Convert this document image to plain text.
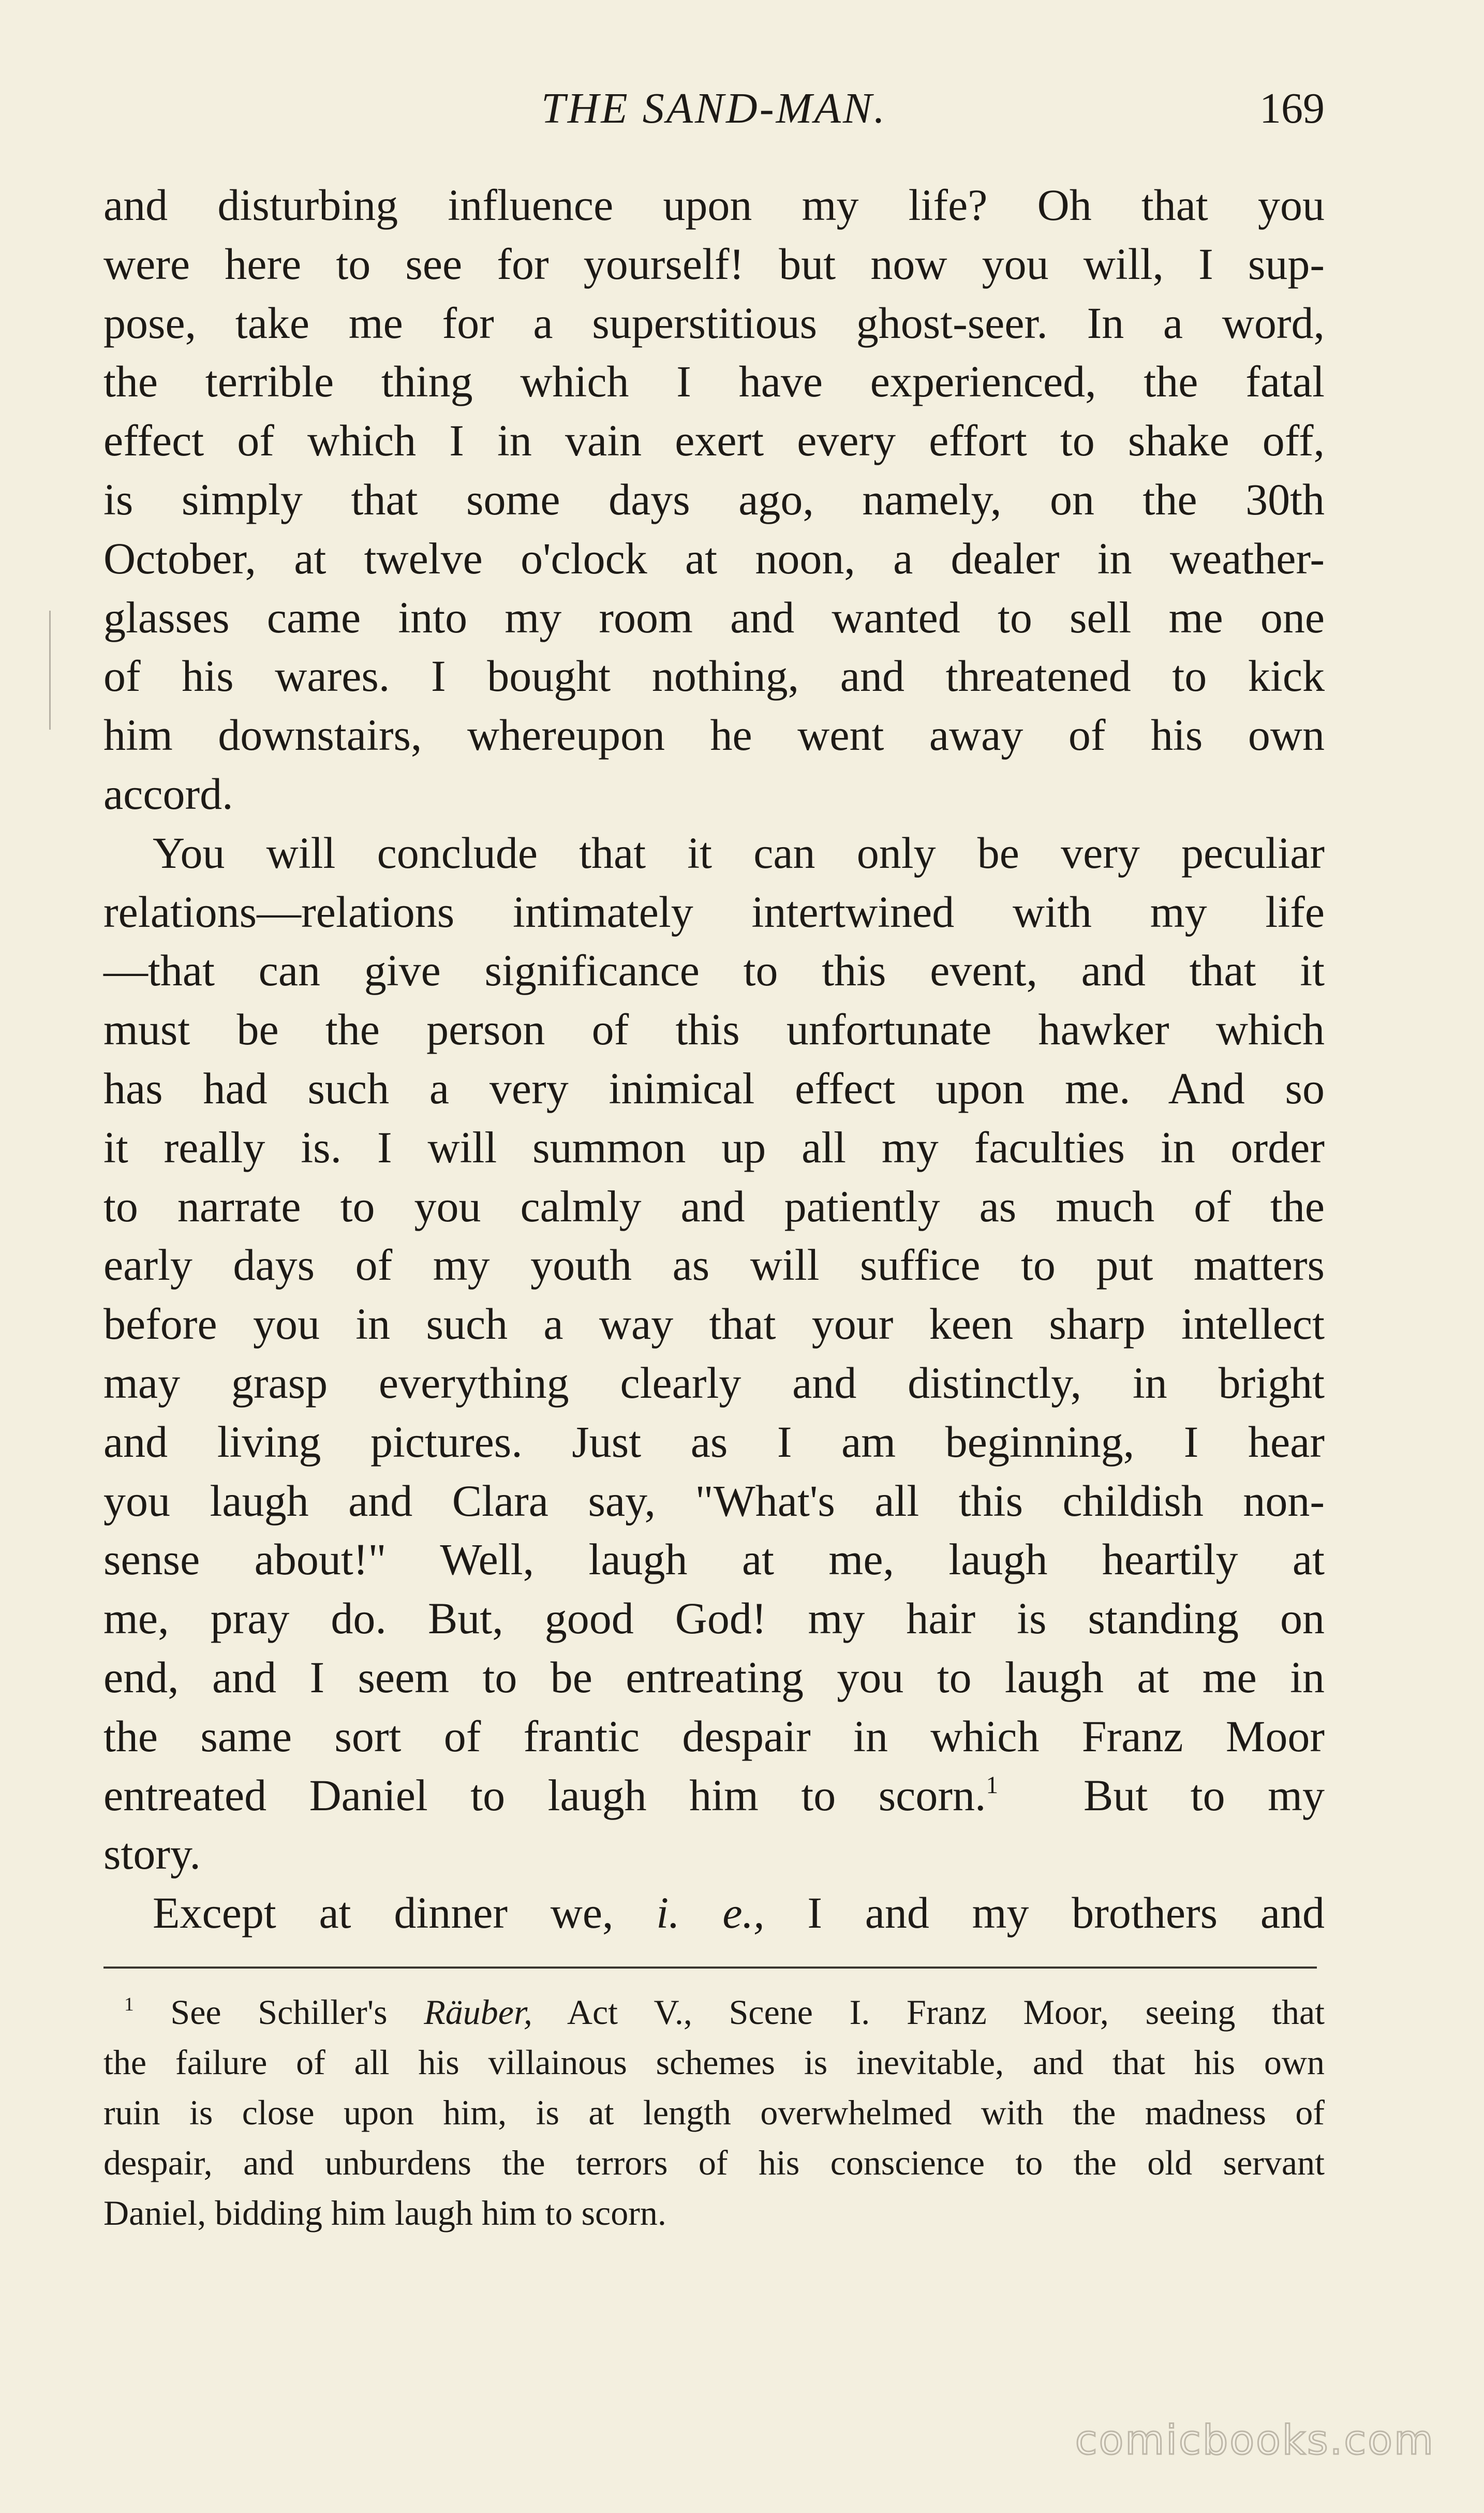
THE SAND-MAN.	169
and disturbing influence upon my life? Oh that you
were here to see for yourself! but now you will, I sup-
pose, take me for a superstitious ghost-seer. In a word,
the terrible thing which I have experienced, the fatal
effect of which I in vain exert every effort to shake off,
is simply that some days ago, namely, on the 30th
October, at twelve o'clock at noon, a dealer in weather-
glasses came into my room and wanted to sell me one
of his wares. I bought nothing, and threatened to kick
him downstairs, whereupon he went away of his own
accord.
You will conclude that it can only be very peculiar
relations—relations intimately intertwined with my life
—that can give significance to this event, and that it
must be the person of this unfortunate hawker which
has had such a very inimical effect upon me. And so
it really is. I will summon up all my faculties in order
to narrate to you calmly and patiently as much of the
early days of my youth as will suffice to put matters
before you in such a way that your keen sharp intellect
may grasp everything clearly and distinctly, in bright
and living pictures. Just as I am beginning, I hear
you laugh and Clara say, "What's all this childish non-
sense about!" Well, laugh at me, laugh heartily at
me, pray do. But, good God! my hair is standing on
end, and I seem to be entreating you to laugh at me in
the same sort of frantic despair in which Franz Moor
entreated Daniel to laugh him to scorn.$^1$ But to my
story.
Except at dinner we, i. e., I and my brothers and
$^1$ See Schiller's Räuber, Act V., Scene I. Franz Moor, seeing that
the failure of all his villainous schemes is inevitable, and that his own
ruin is close upon him, is at length overwhelmed with the madness of
despair, and unburdens the terrors of his conscience to the old servant
Daniel, bidding him laugh him to scorn.
comicbooks.com
